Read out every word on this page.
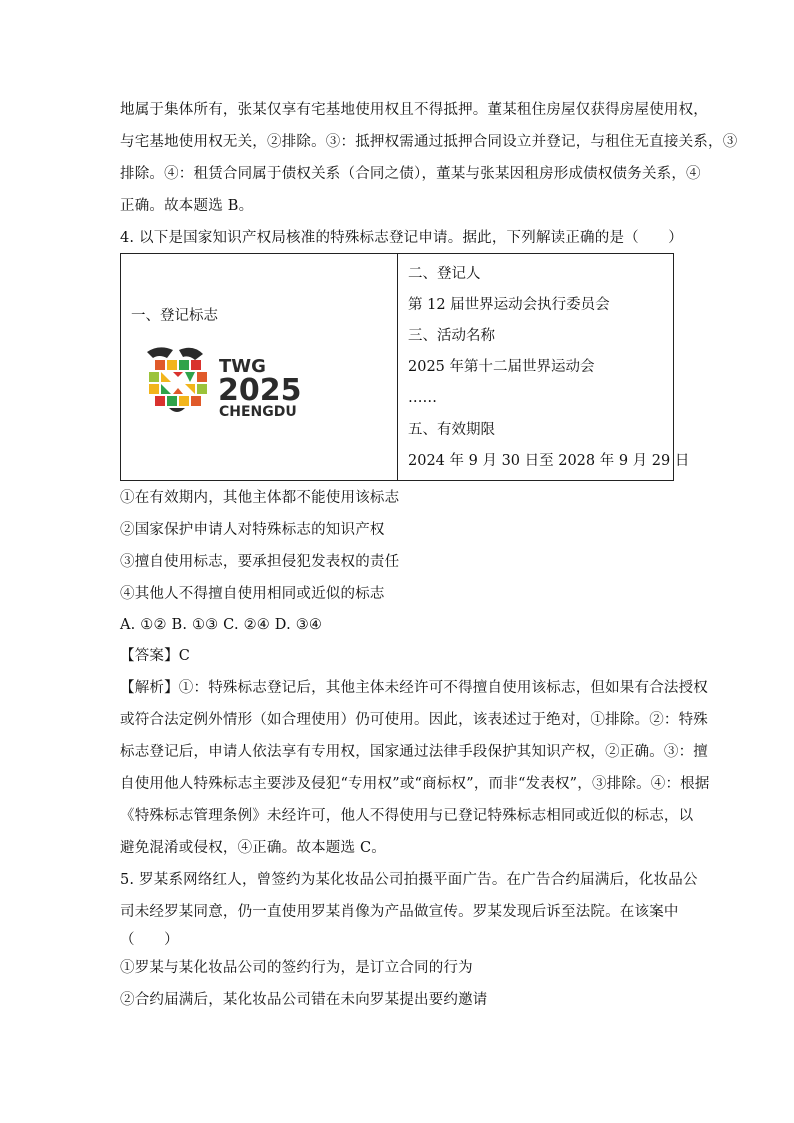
地属于集体所有，张某仅享有宅基地使用权且不得抵押。董某租住房屋仅获得房屋使用权，
与宅基地使用权无关，②排除。③：抵押权需通过抵押合同设立并登记，与租住无直接关系，③
排除。④：租赁合同属于债权关系（合同之债），董某与张某因租房形成债权债务关系，④
正确。故本题选 B。
4. 以下是国家知识产权局核准的特殊标志登记申请。据此，下列解读正确的是（　　）
一、登记标志
TWG
2025
CHENGDU
二、登记人
第 12 届世界运动会执行委员会
三、活动名称
2025 年第十二届世界运动会
……
五、有效期限
2024 年 9 月 30 日至 2028 年 9 月 29 日
①在有效期内，其他主体都不能使用该标志
②国家保护申请人对特殊标志的知识产权
③擅自使用标志，要承担侵犯发表权的责任
④其他人不得擅自使用相同或近似的标志
A. ①② B. ①③ C. ②④ D. ③④
【答案】C
【解析】①：特殊标志登记后，其他主体未经许可不得擅自使用该标志，但如果有合法授权
或符合法定例外情形（如合理使用）仍可使用。因此，该表述过于绝对，①排除。②：特殊
标志登记后，申请人依法享有专用权，国家通过法律手段保护其知识产权，②正确。③：擅
自使用他人特殊标志主要涉及侵犯“专用权”或“商标权”，而非“发表权”，③排除。④：根据
《特殊标志管理条例》未经许可，他人不得使用与已登记特殊标志相同或近似的标志，以
避免混淆或侵权，④正确。故本题选 C。
5. 罗某系网络红人，曾签约为某化妆品公司拍摄平面广告。在广告合约届满后，化妆品公
司未经罗某同意，仍一直使用罗某肖像为产品做宣传。罗某发现后诉至法院。在该案中
（　　）
①罗某与某化妆品公司的签约行为，是订立合同的行为
②合约届满后，某化妆品公司错在未向罗某提出要约邀请
